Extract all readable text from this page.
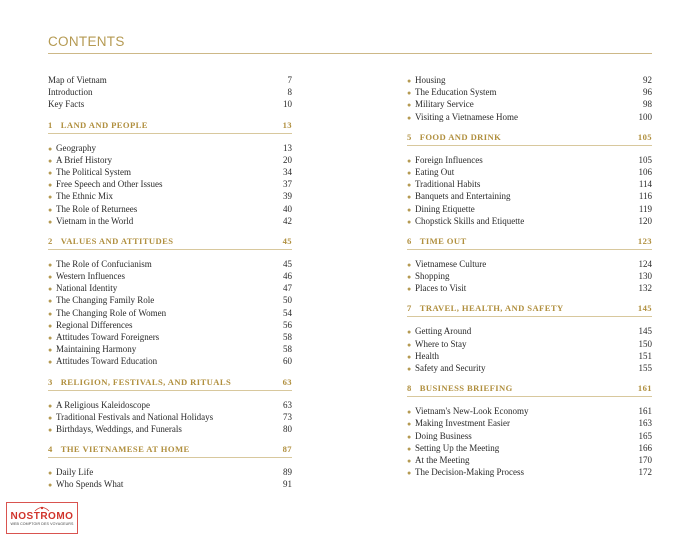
CONTENTS
Map of Vietnam	7
Introduction	8
Key Facts	10
1 LAND AND PEOPLE	13
● Geography	13
● A Brief History	20
● The Political System	34
● Free Speech and Other Issues	37
● The Ethnic Mix	39
● The Role of Returnees	40
● Vietnam in the World	42
2 VALUES AND ATTITUDES	45
● The Role of Confucianism	45
● Western Influences	46
● National Identity	47
● The Changing Family Role	50
● The Changing Role of Women	54
● Regional Differences	56
● Attitudes Toward Foreigners	58
● Maintaining Harmony	58
● Attitudes Toward Education	60
3 RELIGION, FESTIVALS, AND RITUALS	63
● A Religious Kaleidoscope	63
● Traditional Festivals and National Holidays	73
● Birthdays, Weddings, and Funerals	80
4 THE VIETNAMESE AT HOME	87
● Daily Life	89
● Who Spends What	91
● Housing	92
● The Education System	96
● Military Service	98
● Visiting a Vietnamese Home	100
5 FOOD AND DRINK	105
● Foreign Influences	105
● Eating Out	106
● Traditional Habits	114
● Banquets and Entertaining	116
● Dining Etiquette	119
● Chopstick Skills and Etiquette	120
6 TIME OUT	123
● Vietnamese Culture	124
● Shopping	130
● Places to Visit	132
7 TRAVEL, HEALTH, AND SAFETY	145
● Getting Around	145
● Where to Stay	150
● Health	151
● Safety and Security	155
8 BUSINESS BRIEFING	161
● Vietnam's New-Look Economy	161
● Making Investment Easier	163
● Doing Business	165
● Setting Up the Meeting	166
● At the Meeting	170
● The Decision-Making Process	172
NOSTROMO
WEB COMPTOIR DES VOYAGEURS
